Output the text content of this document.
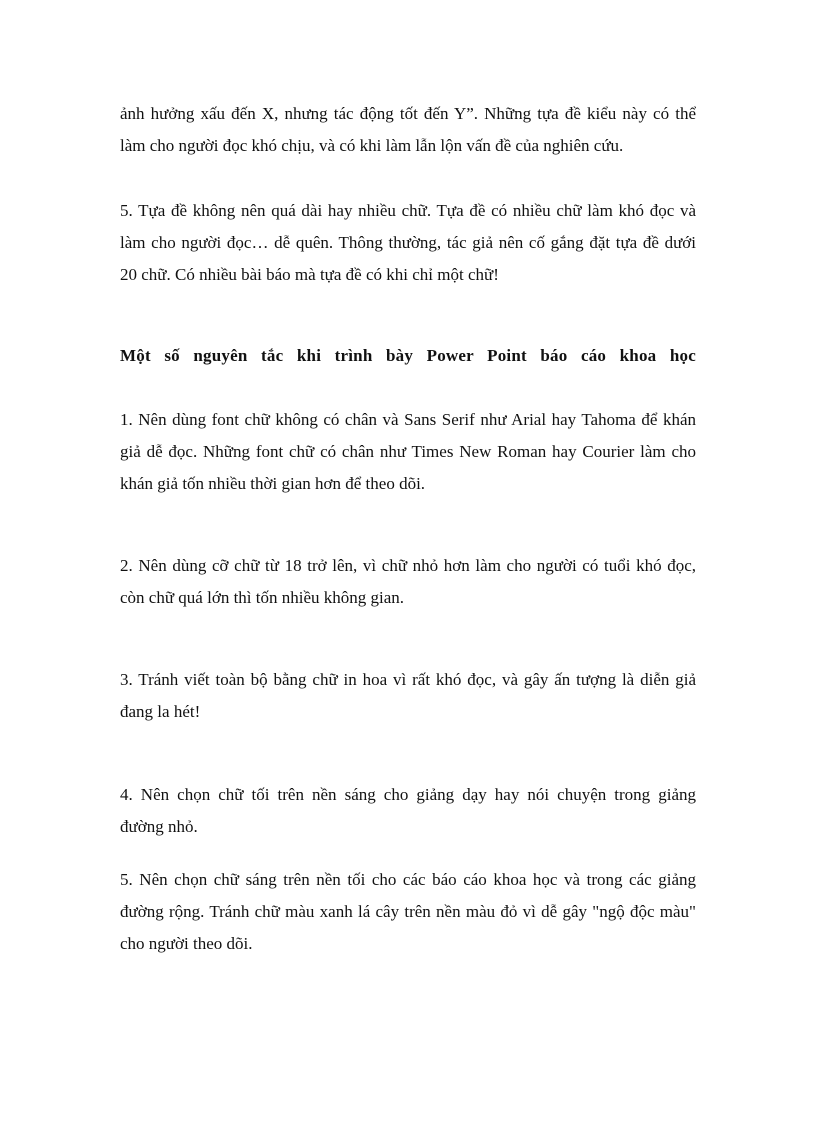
ảnh hưởng xấu đến X, nhưng tác động tốt đến Y”. Những tựa đề kiểu này có thể

làm cho người đọc khó chịu, và có khi làm lẫn lộn vấn đề của nghiên cứu.

5. Tựa đề không nên quá dài hay nhiều chữ. Tựa đề có nhiều chữ làm khó đọc và

làm cho người đọc… dễ quên. Thông thường, tác giả nên cố gắng đặt tựa đề dưới

20 chữ. Có nhiều bài báo mà tựa đề có khi chỉ một chữ!

Một số nguyên tắc khi trình bày Power Point báo cáo khoa học

1. Nên dùng font chữ không có chân và Sans Serif như Arial hay Tahoma để khán

giả dễ đọc. Những font chữ có chân như Times New Roman hay Courier làm cho

khán giả tốn nhiều thời gian hơn để theo dõi.

2. Nên dùng cỡ chữ từ 18 trở lên, vì chữ nhỏ hơn làm cho người có tuổi khó đọc,

còn chữ quá lớn thì tốn nhiều không gian.

3. Tránh viết toàn bộ bằng chữ in hoa vì rất khó đọc, và gây ấn tượng là diễn giả

đang la hét!

4. Nên chọn chữ tối trên nền sáng cho giảng dạy hay nói chuyện trong giảng

đường nhỏ.

5. Nên chọn chữ sáng trên nền tối cho các báo cáo khoa học và trong các giảng

đường rộng. Tránh chữ màu xanh lá cây trên nền màu đỏ vì dễ gây "ngộ độc màu"

cho người theo dõi.
